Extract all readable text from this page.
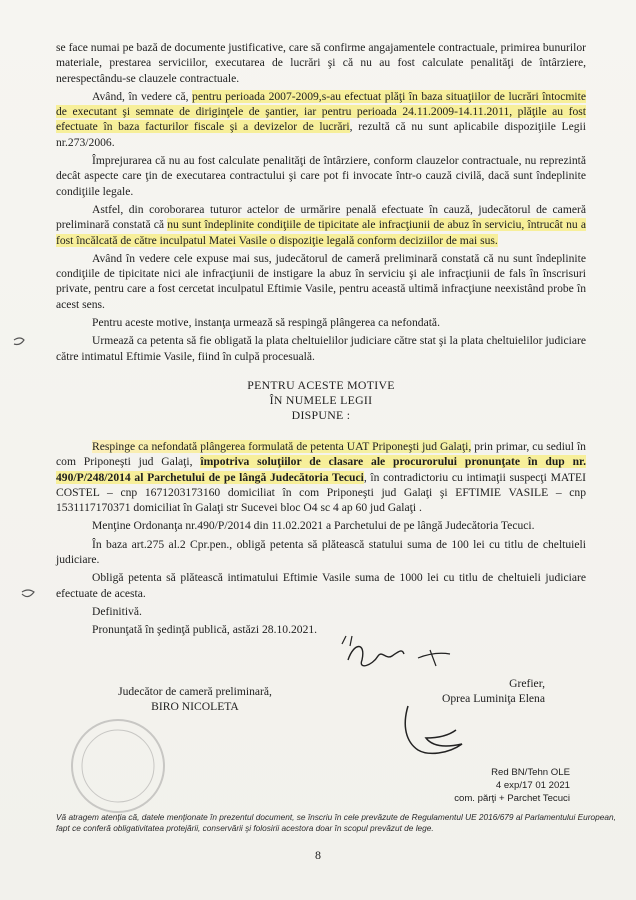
se face numai pe bază de documente justificative, care să confirme angajamentele contractuale, primirea bunurilor materiale, prestarea serviciilor, executarea de lucrări şi că nu au fost calculate penalităţi de întârziere, nerespectându-se clauzele contractuale.

Având, în vedere că, pentru perioada 2007-2009,s-au efectuat plăţi în baza situaţiilor de lucrări întocmite de executant şi semnate de diriginţele de şantier, iar pentru perioada 24.11.2009-14.11.2011, plăţile au fost efectuate în baza facturilor fiscale şi a devizelor de lucrări, rezultă că nu sunt aplicabile dispoziţiile Legii nr.273/2006.

Împrejurarea că nu au fost calculate penalităţi de întârziere, conform clauzelor contractuale, nu reprezintă decât aspecte care ţin de executarea contractului şi care pot fi invocate într-o cauză civilă, dacă sunt îndeplinite condiţiile legale.

Astfel, din coroborarea tuturor actelor de urmărire penală efectuate în cauză, judecătorul de cameră preliminară constată că nu sunt îndeplinite condiţiile de tipicitate ale infracţiunii de abuz în serviciu, întrucât nu a fost încălcată de către inculpatul Matei Vasile o dispoziţie legală conform deciziilor de mai sus.

Având în vedere cele expuse mai sus, judecătorul de cameră preliminară constată că nu sunt îndeplinite condiţiile de tipicitate nici ale infracţiunii de instigare la abuz în serviciu şi ale infracţiunii de fals în înscrisuri private, pentru care a fost cercetat inculpatul Eftimie Vasile, pentru această ultimă infracţiune neexistând probe în acest sens.

Pentru aceste motive, instanţa urmează să respingă plângerea ca nefondată.

Urmează ca petenta să fie obligată la plata cheltuielilor judiciare către stat şi la plata cheltuielilor judiciare către intimatul Eftimie Vasile, fiind în culpă procesuală.

PENTRU ACESTE MOTIVE
ÎN NUMELE LEGII
DISPUNE :

Respinge ca nefondată plângerea formulată de petenta UAT Priponeşti jud Galaţi, prin primar, cu sediul în com Priponeşti jud Galaţi, împotriva soluţiilor de clasare ale procurorului pronunţate în dup nr. 490/P/248/2014 al Parchetului de pe lângă Judecătoria Tecuci, în contradictoriu cu intimaţii suspecţi MATEI COSTEL – cnp 1671203173160 domiciliat în com Priponeşti jud Galaţi şi EFTIMIE VASILE – cnp 1531117170371 domiciliat în Galaţi str Sucevei bloc O4 sc 4 ap 60 jud Galaţi .

Menţine Ordonanţa nr.490/P/2014 din 11.02.2021 a Parchetului de pe lângă Judecătoria Tecuci.

În baza art.275 al.2 Cpr.pen., obligă petenta să plătească statului suma de 100 lei cu titlu de cheltuieli judiciare.

Obligă petenta să plătească intimatului Eftimie Vasile suma de 1000 lei cu titlu de cheltuieli judiciare efectuate de acesta.

Definitivă.

Pronunţată în şedinţă publică, astăzi 28.10.2021.

Judecător de cameră preliminară,
BIRO NICOLETA
Grefier,
Oprea Luminiţa Elena
Red BN/Tehn OLE
4 exp/17 01 2021
com. părţi + Parchet Tecuci
Vă atragem atenţia că, datele menţionate în prezentul document, se înscriu în cele prevăzute de Regulamentul UE 2016/679 al Parlamentului European, fapt ce conferă obligativitatea protejării, conservării şi folosirii acestora doar în scopul prevăzut de lege.
8
